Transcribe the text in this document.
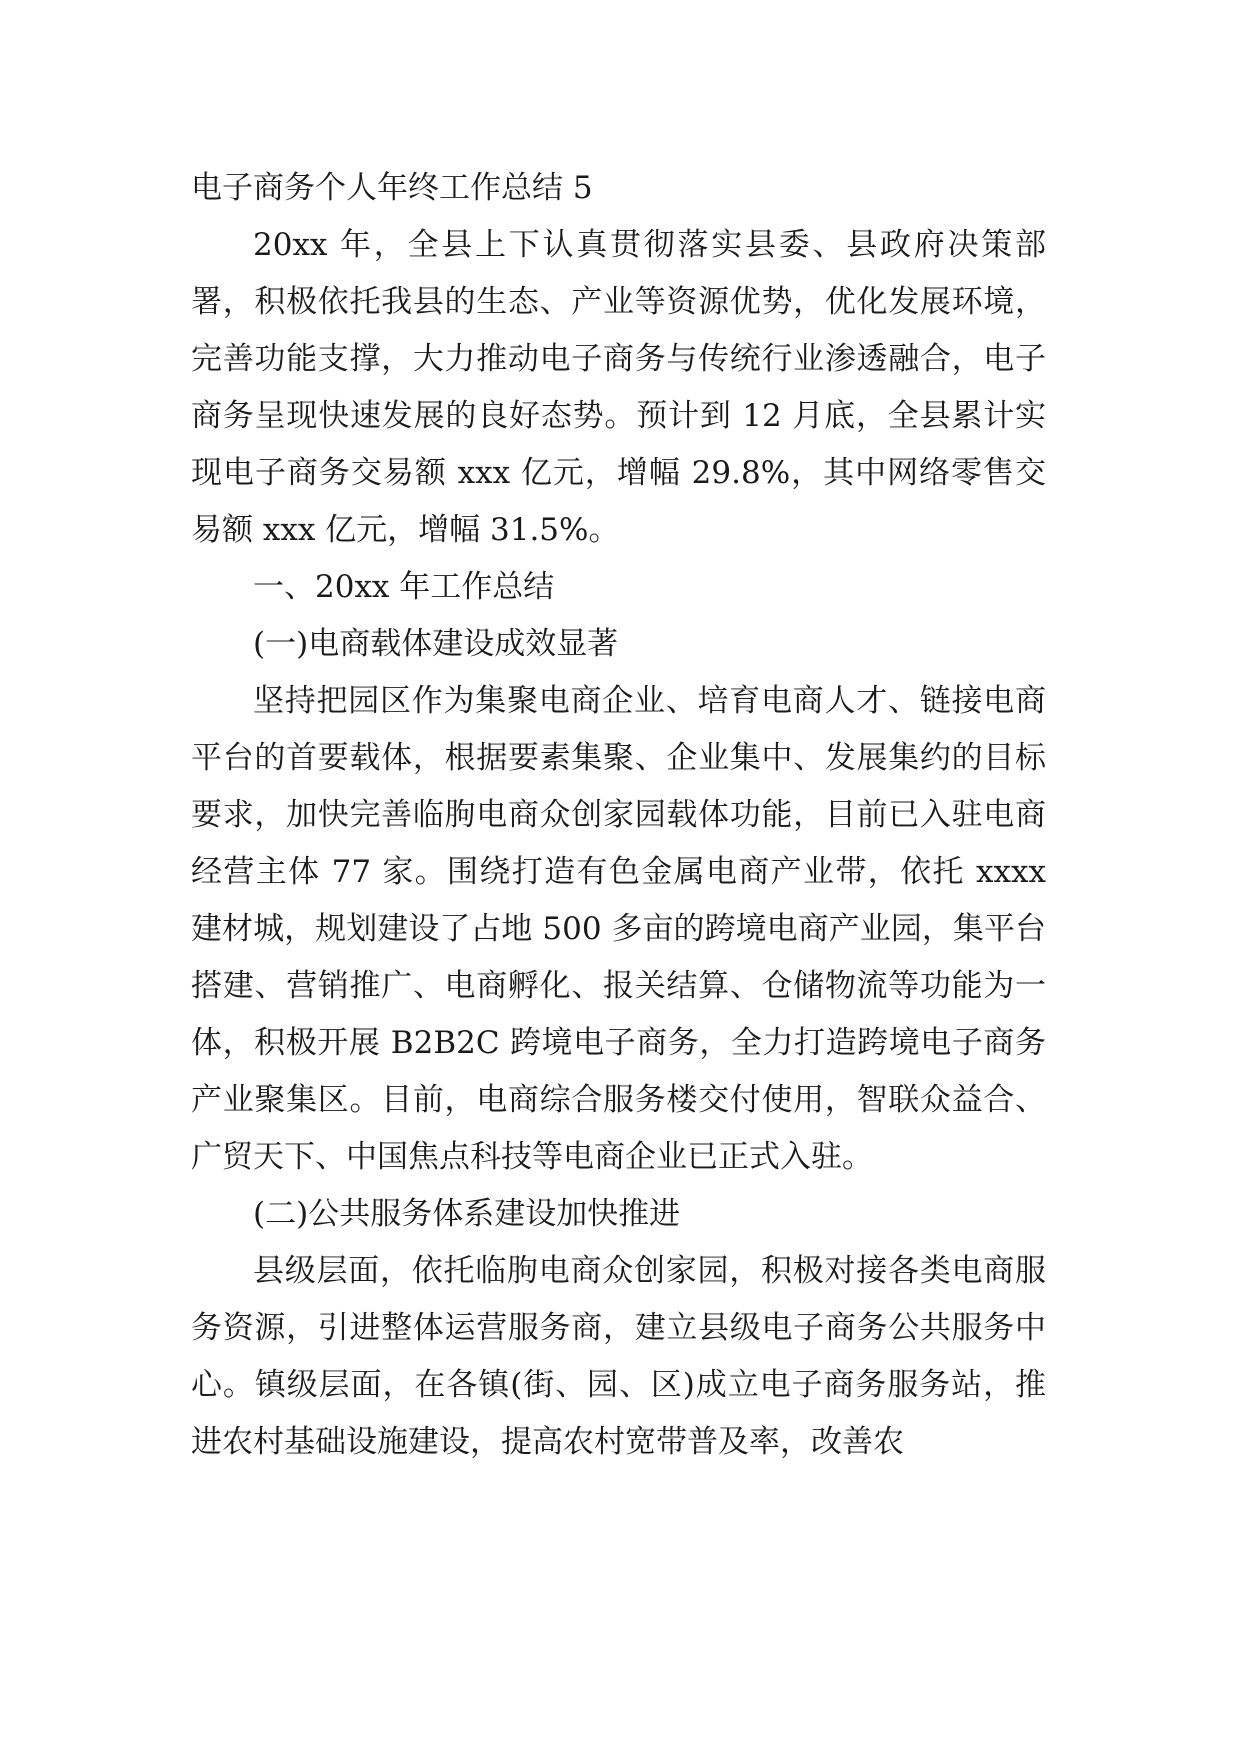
电子商务个人年终工作总结 5

20xx 年，全县上下认真贯彻落实县委、县政府决策部署，积极依托我县的生态、产业等资源优势，优化发展环境，完善功能支撑，大力推动电子商务与传统行业渗透融合，电子商务呈现快速发展的良好态势。预计到 12 月底，全县累计实现电子商务交易额 xxx 亿元，增幅 29.8%，其中网络零售交易额 xxx 亿元，增幅 31.5%。

一、20xx 年工作总结

(一)电商载体建设成效显著

坚持把园区作为集聚电商企业、培育电商人才、链接电商平台的首要载体，根据要素集聚、企业集中、发展集约的目标要求，加快完善临朐电商众创家园载体功能，目前已入驻电商经营主体 77 家。围绕打造有色金属电商产业带，依托 xxxx 建材城，规划建设了占地 500 多亩的跨境电商产业园，集平台搭建、营销推广、电商孵化、报关结算、仓储物流等功能为一体，积极开展 B2B2C 跨境电子商务，全力打造跨境电子商务产业聚集区。目前，电商综合服务楼交付使用，智联众益合、广贸天下、中国焦点科技等电商企业已正式入驻。

(二)公共服务体系建设加快推进

县级层面，依托临朐电商众创家园，积极对接各类电商服务资源，引进整体运营服务商，建立县级电子商务公共服务中心。镇级层面，在各镇(街、园、区)成立电子商务服务站，推进农村基础设施建设，提高农村宽带普及率，改善农
